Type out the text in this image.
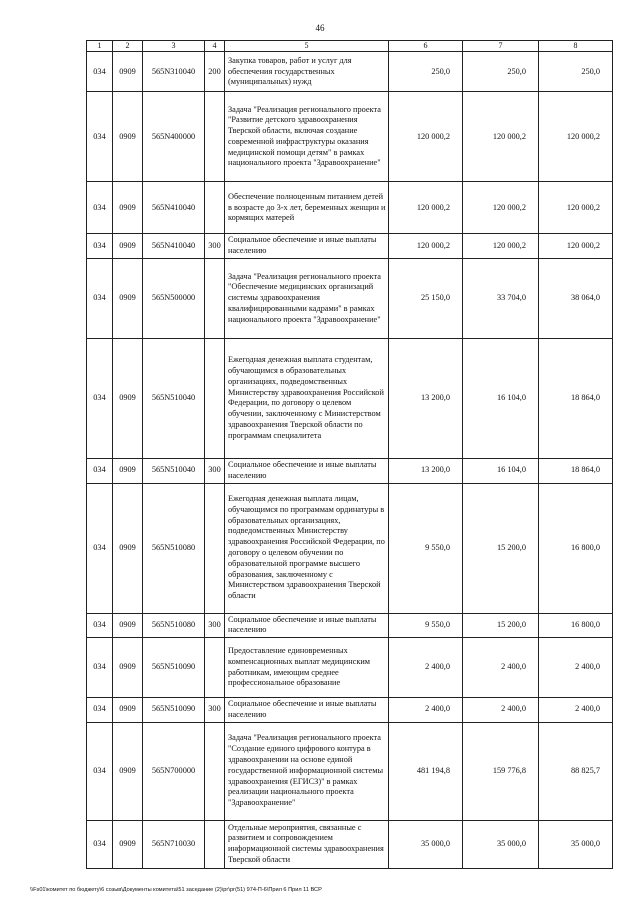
46
1	2	3	4	5	6	7	8
034	0909	565N310040	200	Закупка товаров, работ и услуг для обеспечения государственных (муниципальных) нужд	250,0	250,0	250,0
034	0909	565N400000		Задача "Реализация регионального проекта "Развитие детского здравоохранения Тверской области, включая создание современной инфраструктуры оказания медицинской помощи детям" в рамках национального проекта "Здравоохранение"	120 000,2	120 000,2	120 000,2
034	0909	565N410040		Обеспечение полноценным питанием детей в возрасте до 3-х лет, беременных женщин и кормящих матерей	120 000,2	120 000,2	120 000,2
034	0909	565N410040	300	Социальное обеспечение и иные выплаты населению	120 000,2	120 000,2	120 000,2
034	0909	565N500000		Задача "Реализация регионального проекта "Обеспечение медицинских организаций системы здравоохранения квалифицированными кадрами" в рамках национального проекта "Здравоохранение"	25 150,0	33 704,0	38 064,0
034	0909	565N510040		Ежегодная денежная выплата студентам, обучающимся в образовательных организациях, подведомственных Министерству здравоохранения Российской Федерации, по договору о целевом обучении, заключенному с Министерством здравоохранения Тверской области по программам специалитета	13 200,0	16 104,0	18 864,0
034	0909	565N510040	300	Социальное обеспечение и иные выплаты населению	13 200,0	16 104,0	18 864,0
034	0909	565N510080		Ежегодная денежная выплата лицам, обучающимся по программам ординатуры в образовательных организациях, подведомственных Министерству здравоохранения Российской Федерации, по договору о целевом обучении по образовательной программе высшего образования, заключенному с Министерством здравоохранения Тверской области	9 550,0	15 200,0	16 800,0
034	0909	565N510080	300	Социальное обеспечение и иные выплаты населению	9 550,0	15 200,0	16 800,0
034	0909	565N510090		Предоставление единовременных компенсационных выплат медицинским работникам, имеющим среднее профессиональное образование	2 400,0	2 400,0	2 400,0
034	0909	565N510090	300	Социальное обеспечение и иные выплаты населению	2 400,0	2 400,0	2 400,0
034	0909	565N700000		Задача "Реализация регионального проекта "Создание единого цифрового контура в здравоохранении на основе единой государственной информационной системы здравоохранения (ЕГИСЗ)" в рамках реализации национального проекта "Здравоохранение"	481 194,8	159 776,8	88 825,7
034	0909	565N710030		Отдельные мероприятия, связанные с развитием и сопровождением информационной системы здравоохранения Тверской области	35 000,0	35 000,0	35 000,0
\\Fs01\комитет по бюджету\6 созыв\Документы комитета\51 заседание (2)\рг\рг(51) 974-П-6\Прил 6 Прил 11 ВСР
